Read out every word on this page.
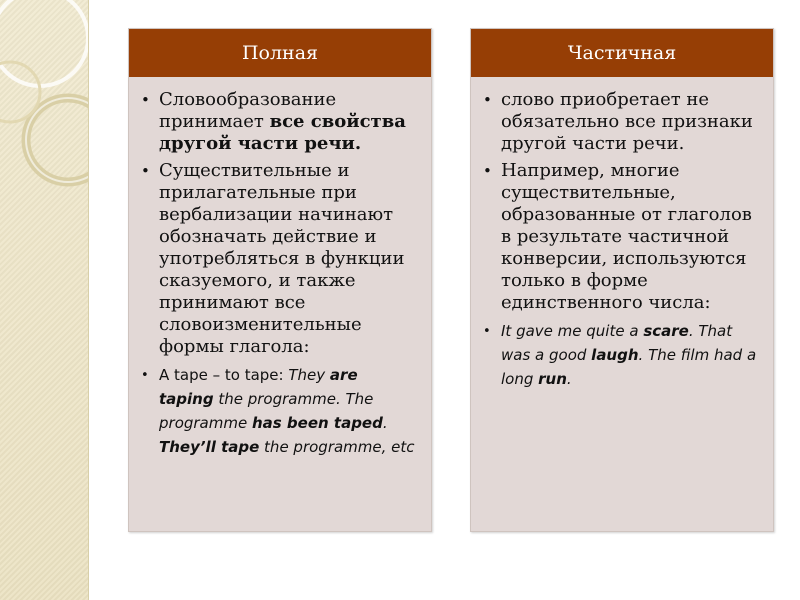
Полная
• Словообразование принимает все свойства другой части речи.
• Существительные и прилагательные при вербализации начинают обозначать действие и употребляться в функции сказуемого, и также принимают все словоизменительные формы глагола:
• A tape – to tape: They are taping the programme. The programme has been taped. They’ll tape the programme, etc
Частичная
• слово приобретает не обязательно все признаки другой части речи.
• Например, многие существительные, образованные от глаголов в результате частичной конверсии, используются только в форме единственного числа:
• It gave me quite a scare. That was a good laugh. The film had a long run.
